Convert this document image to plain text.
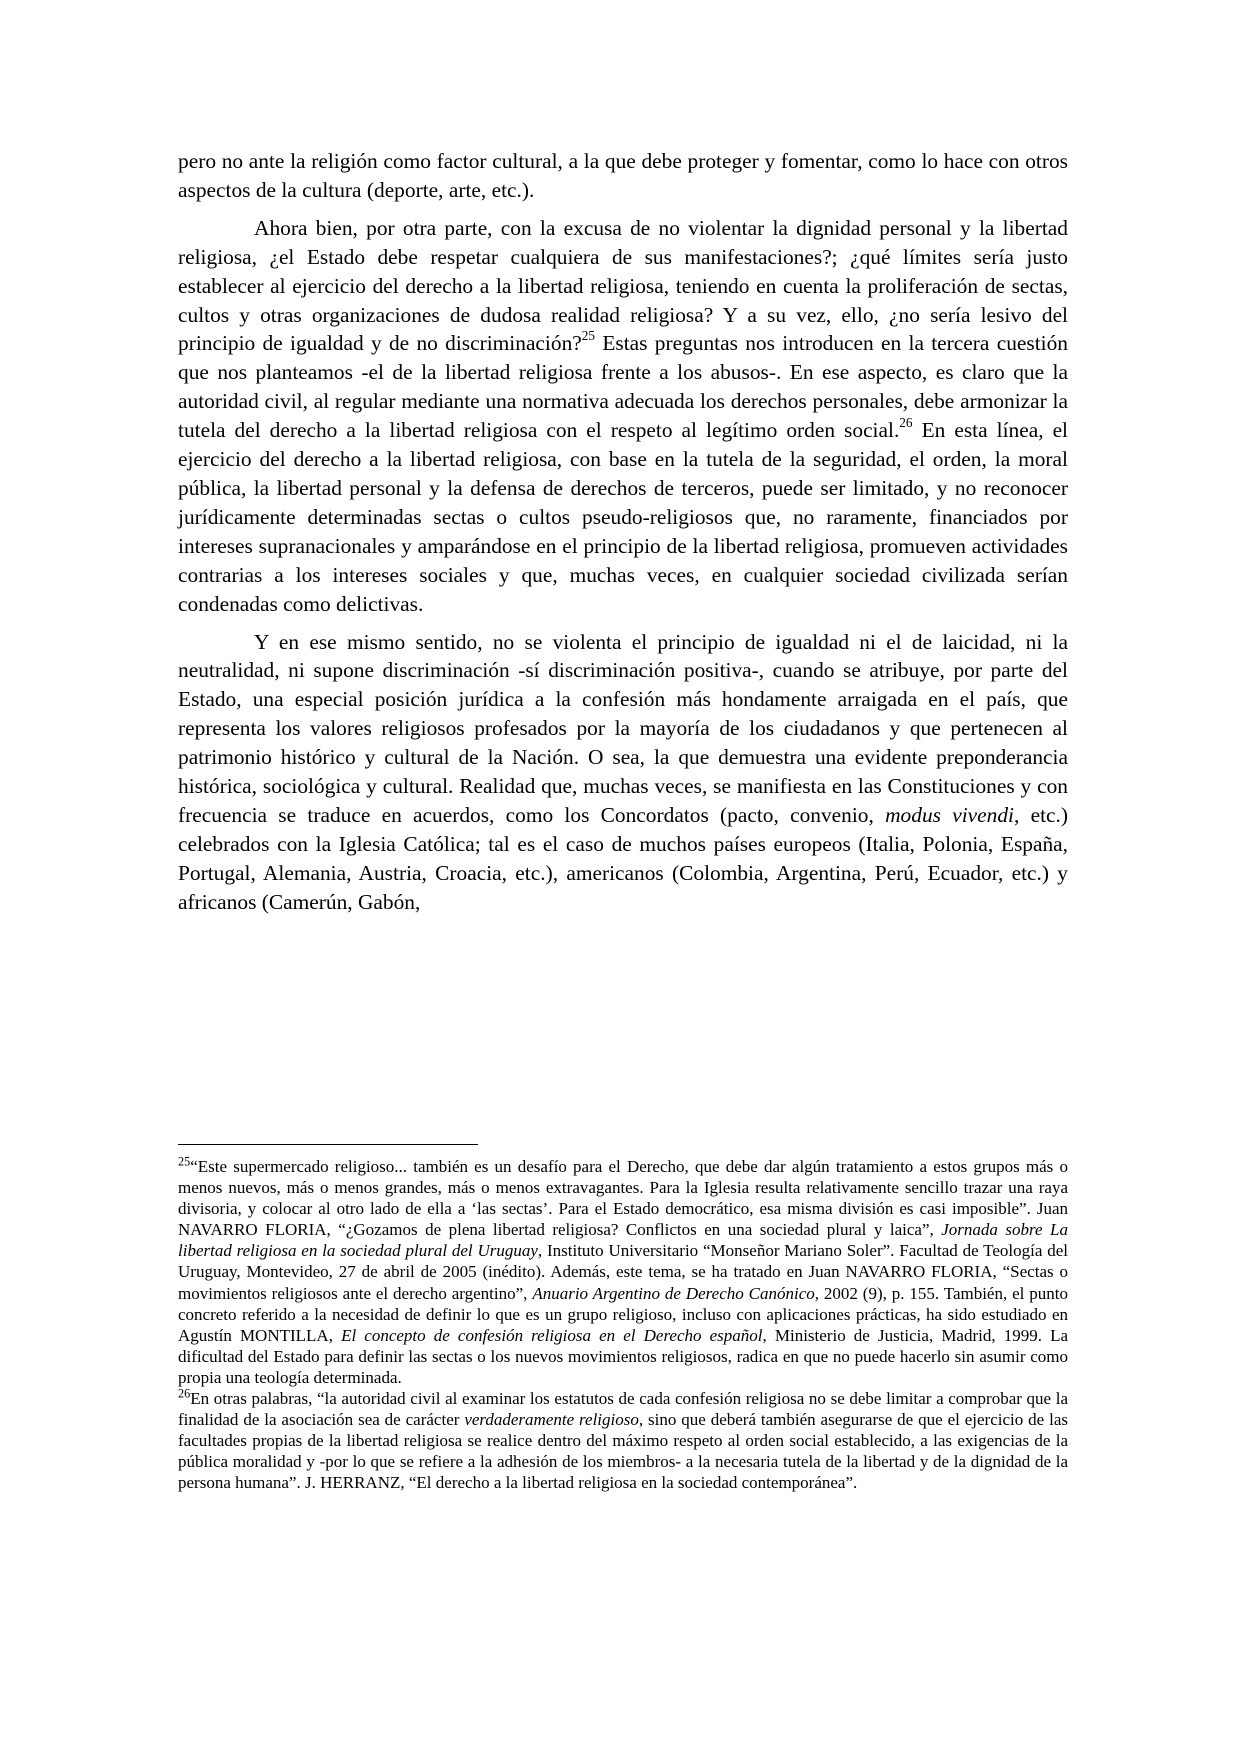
pero no ante la religión como factor cultural, a la que debe proteger y fomentar, como lo hace con otros aspectos de la cultura (deporte, arte, etc.).

Ahora bien, por otra parte, con la excusa de no violentar la dignidad personal y la libertad religiosa, ¿el Estado debe respetar cualquiera de sus manifestaciones?; ¿qué límites sería justo establecer al ejercicio del derecho a la libertad religiosa, teniendo en cuenta la proliferación de sectas, cultos y otras organizaciones de dudosa realidad religiosa? Y a su vez, ello, ¿no sería lesivo del principio de igualdad y de no discriminación?$^{25}$ Estas preguntas nos introducen en la tercera cuestión que nos planteamos -el de la libertad religiosa frente a los abusos-. En ese aspecto, es claro que la autoridad civil, al regular mediante una normativa adecuada los derechos personales, debe armonizar la tutela del derecho a la libertad religiosa con el respeto al legítimo orden social.$^{26}$ En esta línea, el ejercicio del derecho a la libertad religiosa, con base en la tutela de la seguridad, el orden, la moral pública, la libertad personal y la defensa de derechos de terceros, puede ser limitado, y no reconocer jurídicamente determinadas sectas o cultos pseudo-religiosos que, no raramente, financiados por intereses supranacionales y amparándose en el principio de la libertad religiosa, promueven actividades contrarias a los intereses sociales y que, muchas veces, en cualquier sociedad civilizada serían condenadas como delictivas.

Y en ese mismo sentido, no se violenta el principio de igualdad ni el de laicidad, ni la neutralidad, ni supone discriminación -sí discriminación positiva-, cuando se atribuye, por parte del Estado, una especial posición jurídica a la confesión más hondamente arraigada en el país, que representa los valores religiosos profesados por la mayoría de los ciudadanos y que pertenecen al patrimonio histórico y cultural de la Nación. O sea, la que demuestra una evidente preponderancia histórica, sociológica y cultural. Realidad que, muchas veces, se manifiesta en las Constituciones y con frecuencia se traduce en acuerdos, como los Concordatos (pacto, convenio, modus vivendi, etc.) celebrados con la Iglesia Católica; tal es el caso de muchos países europeos (Italia, Polonia, España, Portugal, Alemania, Austria, Croacia, etc.), americanos (Colombia, Argentina, Perú, Ecuador, etc.) y africanos (Camerún, Gabón,

$^{25}$“Este supermercado religioso... también es un desafío para el Derecho, que debe dar algún tratamiento a estos grupos más o menos nuevos, más o menos grandes, más o menos extravagantes. Para la Iglesia resulta relativamente sencillo trazar una raya divisoria, y colocar al otro lado de ella a ‘las sectas’. Para el Estado democrático, esa misma división es casi imposible”. Juan NAVARRO FLORIA, “¿Gozamos de plena libertad religiosa? Conflictos en una sociedad plural y laica”, Jornada sobre La libertad religiosa en la sociedad plural del Uruguay, Instituto Universitario “Monseñor Mariano Soler”. Facultad de Teología del Uruguay, Montevideo, 27 de abril de 2005 (inédito). Además, este tema, se ha tratado en Juan NAVARRO FLORIA, “Sectas o movimientos religiosos ante el derecho argentino”, Anuario Argentino de Derecho Canónico, 2002 (9), p. 155. También, el punto concreto referido a la necesidad de definir lo que es un grupo religioso, incluso con aplicaciones prácticas, ha sido estudiado en Agustín MONTILLA, El concepto de confesión religiosa en el Derecho español, Ministerio de Justicia, Madrid, 1999. La dificultad del Estado para definir las sectas o los nuevos movimientos religiosos, radica en que no puede hacerlo sin asumir como propia una teología determinada.

$^{26}$En otras palabras, “la autoridad civil al examinar los estatutos de cada confesión religiosa no se debe limitar a comprobar que la finalidad de la asociación sea de carácter verdaderamente religioso, sino que deberá también asegurarse de que el ejercicio de las facultades propias de la libertad religiosa se realice dentro del máximo respeto al orden social establecido, a las exigencias de la pública moralidad y -por lo que se refiere a la adhesión de los miembros- a la necesaria tutela de la libertad y de la dignidad de la persona humana”. J. HERRANZ, “El derecho a la libertad religiosa en la sociedad contemporánea”.
